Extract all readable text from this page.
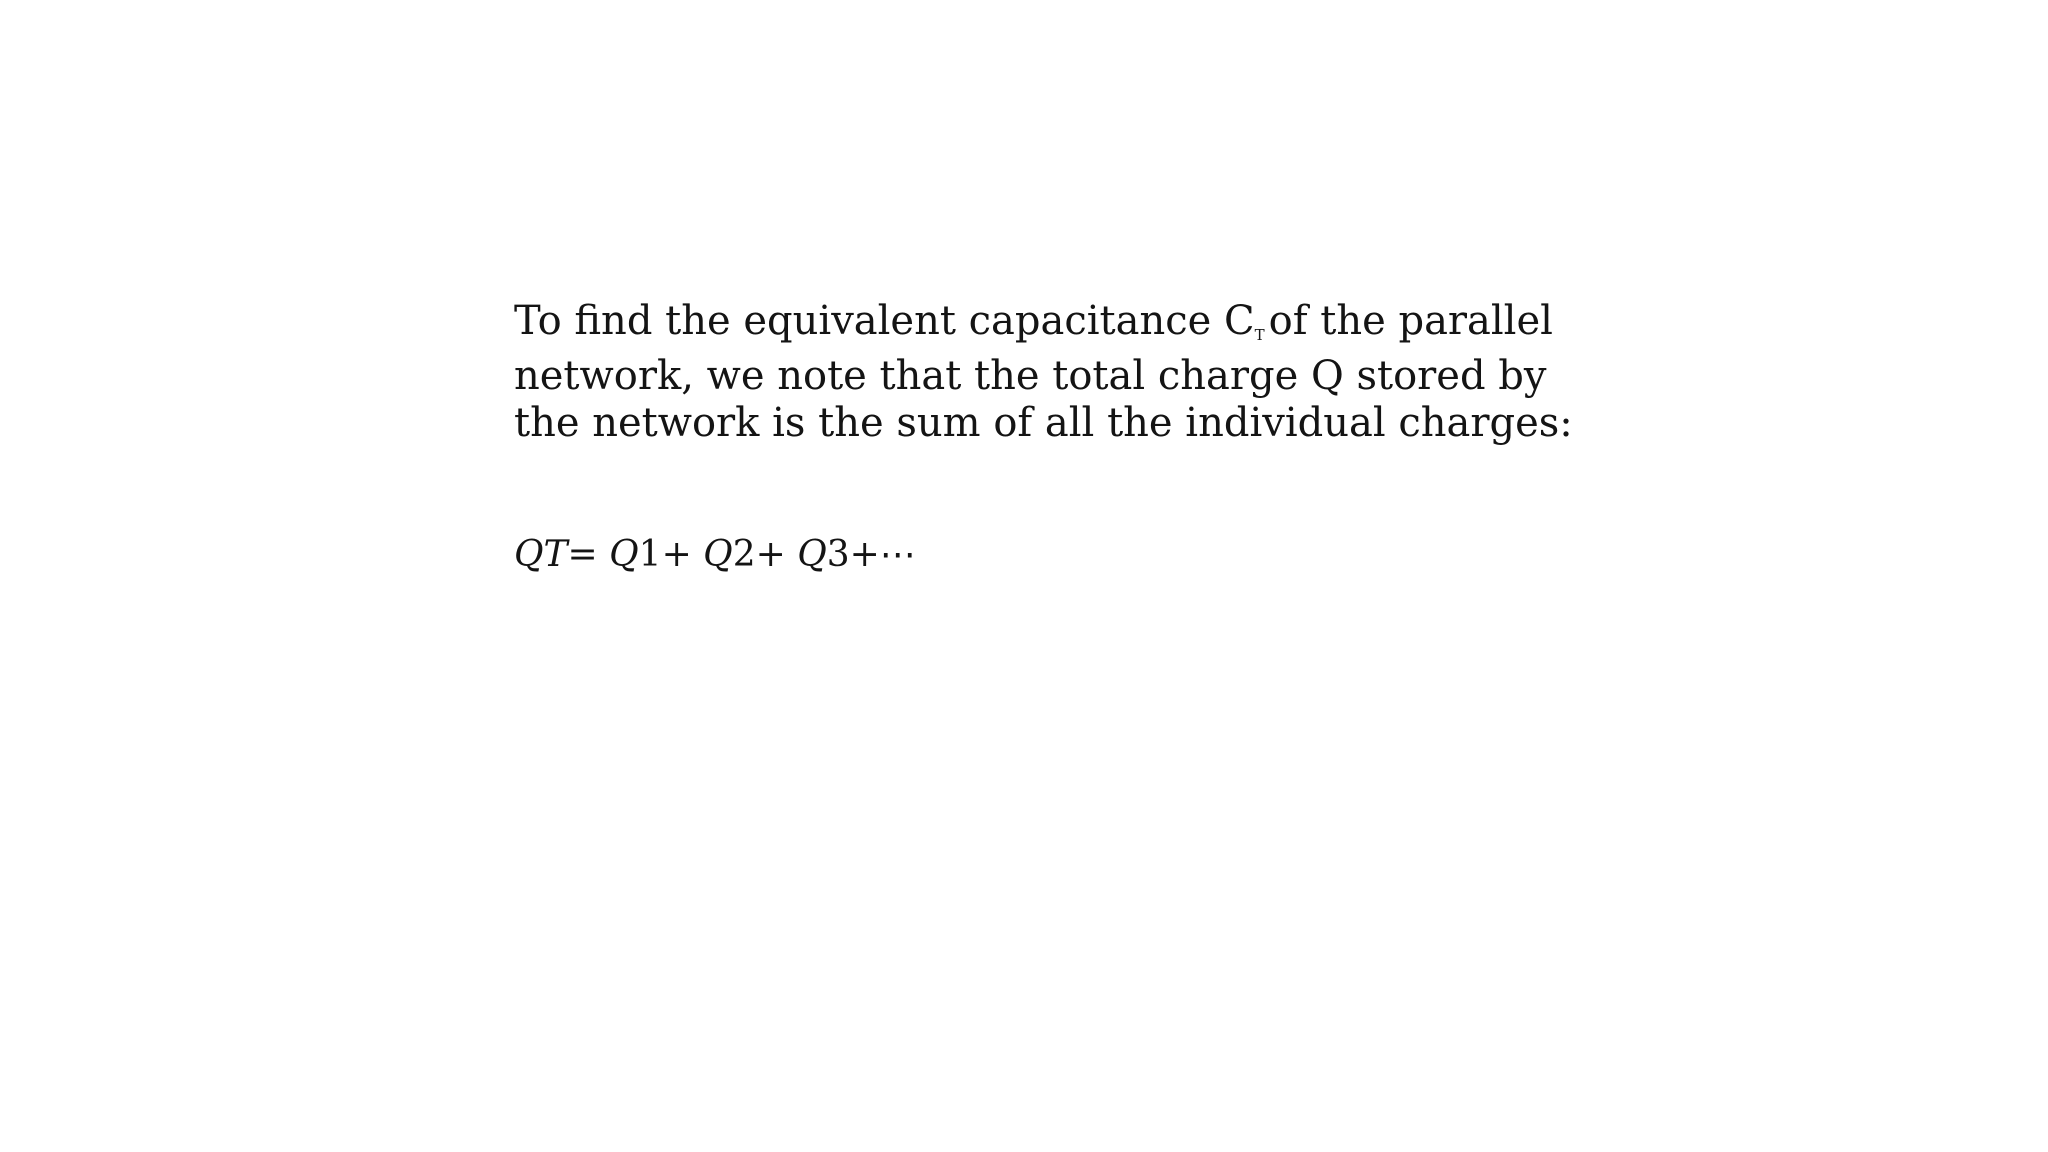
To find the equivalent capacitance CT of the parallel

network, we note that the total charge Q stored by

the network is the sum of all the individual charges:

QT= Q1+ Q2+ Q3+⋯
